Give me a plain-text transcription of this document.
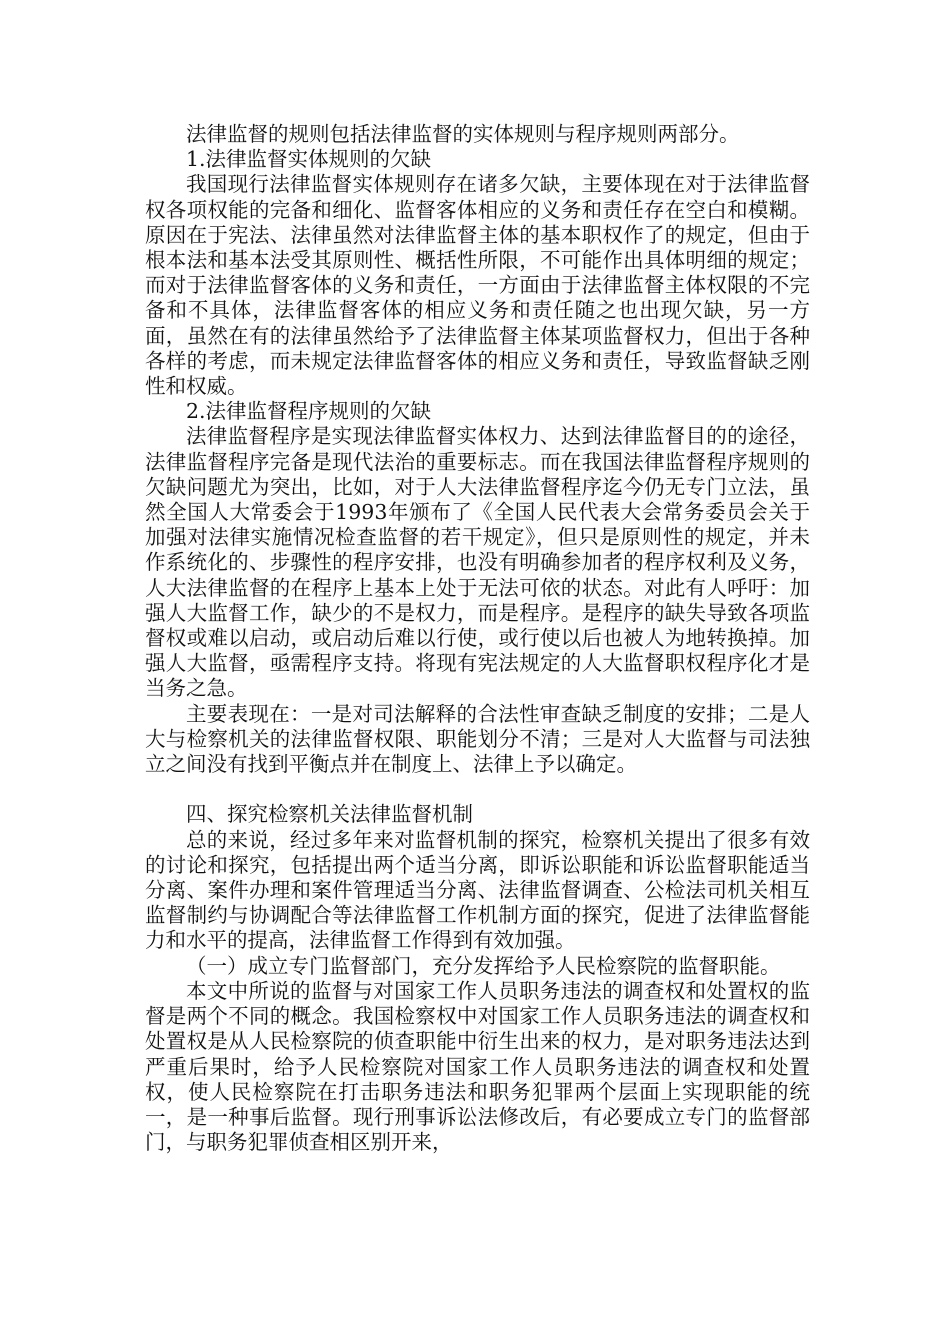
法律监督的规则包括法律监督的实体规则与程序规则两部分。

1.法律监督实体规则的欠缺

我国现行法律监督实体规则存在诸多欠缺，主要体现在对于法律监督权各项权能的完备和细化、监督客体相应的义务和责任存在空白和模糊。原因在于宪法、法律虽然对法律监督主体的基本职权作了的规定，但由于根本法和基本法受其原则性、概括性所限，不可能作出具体明细的规定；而对于法律监督客体的义务和责任，一方面由于法律监督主体权限的不完备和不具体，法律监督客体的相应义务和责任随之也出现欠缺，另一方面，虽然在有的法律虽然给予了法律监督主体某项监督权力，但出于各种各样的考虑，而未规定法律监督客体的相应义务和责任，导致监督缺乏刚性和权威。

2.法律监督程序规则的欠缺

法律监督程序是实现法律监督实体权力、达到法律监督目的的途径，法律监督程序完备是现代法治的重要标志。而在我国法律监督程序规则的欠缺问题尤为突出，比如，对于人大法律监督程序迄今仍无专门立法，虽然全国人大常委会于1993年颁布了《全国人民代表大会常务委员会关于加强对法律实施情况检查监督的若干规定》，但只是原则性的规定，并未作系统化的、步骤性的程序安排，也没有明确参加者的程序权利及义务，人大法律监督的在程序上基本上处于无法可依的状态。对此有人呼吁：加强人大监督工作，缺少的不是权力，而是程序。是程序的缺失导致各项监督权或难以启动，或启动后难以行使，或行使以后也被人为地转换掉。加强人大监督，亟需程序支持。将现有宪法规定的人大监督职权程序化才是当务之急。

主要表现在：一是对司法解释的合法性审查缺乏制度的安排；二是人大与检察机关的法律监督权限、职能划分不清；三是对人大监督与司法独立之间没有找到平衡点并在制度上、法律上予以确定。

四、探究检察机关法律监督机制

总的来说，经过多年来对监督机制的探究，检察机关提出了很多有效的讨论和探究，包括提出两个适当分离，即诉讼职能和诉讼监督职能适当分离、案件办理和案件管理适当分离、法律监督调查、公检法司机关相互监督制约与协调配合等法律监督工作机制方面的探究，促进了法律监督能力和水平的提高，法律监督工作得到有效加强。

（一）成立专门监督部门，充分发挥给予人民检察院的监督职能。

本文中所说的监督与对国家工作人员职务违法的调查权和处置权的监督是两个不同的概念。我国检察权中对国家工作人员职务违法的调查权和处置权是从人民检察院的侦查职能中衍生出来的权力，是对职务违法达到严重后果时，给予人民检察院对国家工作人员职务违法的调查权和处置权，使人民检察院在打击职务违法和职务犯罪两个层面上实现职能的统一，是一种事后监督。现行刑事诉讼法修改后，有必要成立专门的监督部门，与职务犯罪侦查相区别开来，
